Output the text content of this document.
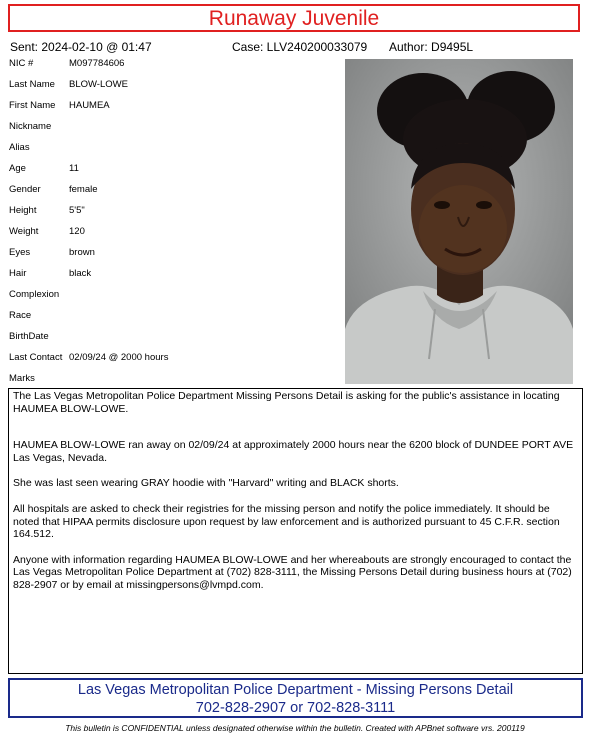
Runaway Juvenile
Sent: 2024-02-10 @ 01:47	Case: LLV240200033079 Author: D9495L
NIC #	M097784606
Last Name BLOW-LOWE
First Name HAUMEA
Nickname
Alias
Age	11
Gender	female
Height	5'5"
Weight	120
Eyes	brown
Hair	black
Complexion
Race
BirthDate
Last Contact 02/09/24 @ 2000 hours
Marks

The Las Vegas Metropolitan Police Department Missing Persons Detail is asking for the public's assistance in locating HAUMEA BLOW-LOWE.

HAUMEA BLOW-LOWE ran away on 02/09/24 at approximately 2000 hours near the 6200 block of DUNDEE PORT AVE Las Vegas, Nevada.

She was last seen wearing GRAY hoodie with "Harvard" writing and BLACK shorts.

All hospitals are asked to check their registries for the missing person and notify the police immediately. It should be noted that HIPAA permits disclosure upon request by law enforcement and is authorized pursuant to 45 C.F.R. section 164.512.

Anyone with information regarding HAUMEA BLOW-LOWE and her whereabouts are strongly encouraged to contact the Las Vegas Metropolitan Police Department at (702) 828-3111, the Missing Persons Detail during business hours at (702) 828-2907 or by email at missingpersons@lvmpd.com.

Las Vegas Metropolitan Police Department - Missing Persons Detail
702-828-2907 or 702-828-3111
This bulletin is CONFIDENTIAL unless designated otherwise within the bulletin. Created with APBnet software vrs. 200119
